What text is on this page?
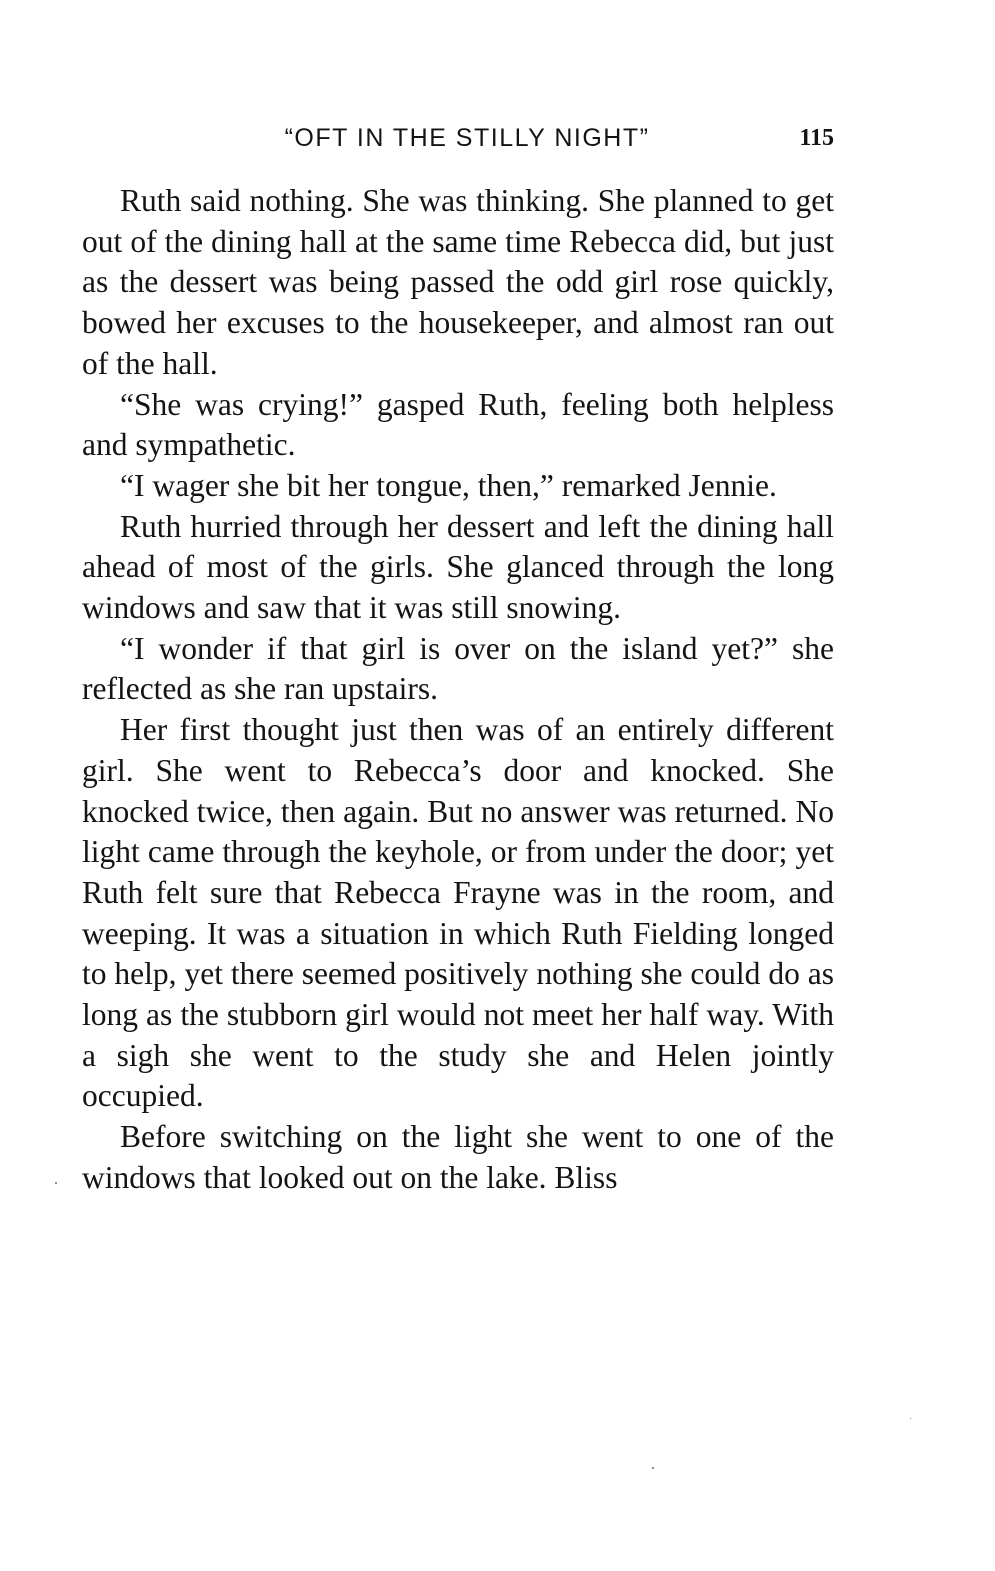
“OFT IN THE STILLY NIGHT”	115

Ruth said nothing. She was thinking. She planned to get out of the dining hall at the same time Rebecca did, but just as the dessert was being passed the odd girl rose quickly, bowed her excuses to the housekeeper, and almost ran out of the hall.

“She was crying!” gasped Ruth, feeling both helpless and sympathetic.

“I wager she bit her tongue, then,” remarked Jennie.

Ruth hurried through her dessert and left the dining hall ahead of most of the girls. She glanced through the long windows and saw that it was still snowing.

“I wonder if that girl is over on the island yet?” she reflected as she ran upstairs.

Her first thought just then was of an entirely different girl. She went to Rebecca’s door and knocked. She knocked twice, then again. But no answer was returned. No light came through the keyhole, or from under the door; yet Ruth felt sure that Rebecca Frayne was in the room, and weeping. It was a situation in which Ruth Fielding longed to help, yet there seemed positively nothing she could do as long as the stubborn girl would not meet her half way. With a sigh she went to the study she and Helen jointly occupied.

Before switching on the light she went to one of the windows that looked out on the lake. Bliss
